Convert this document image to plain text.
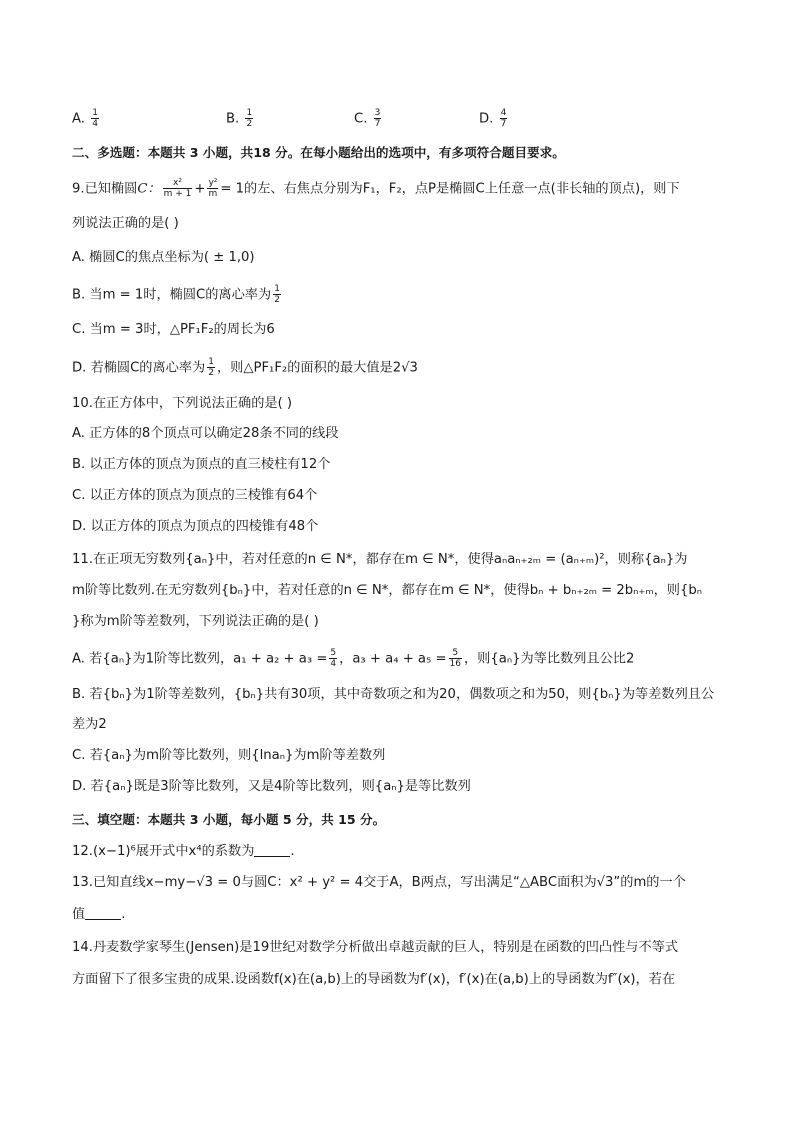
A. $\frac{1}{4}$	B. $\frac{1}{2}$	C. $\frac{3}{7}$	D. $\frac{4}{7}$
二、多选题：本题共 3 小题，共18 分。在每小题给出的选项中，有多项符合题目要求。
9.已知椭圆C： $\frac{\text{x²}}{m + 1} + \frac{\text{y²}}{m} = 1$的左、右焦点分别为F₁，F₂，点P是椭圆C上任意一点(非长轴的顶点)，则下
列说法正确的是( )
A. 椭圆C的焦点坐标为( ± 1,0)
B. 当m = 1时，椭圆C的离心率为 $\frac{1}{2}$
C. 当m = 3时，△PF₁F₂的周长为6
D. 若椭圆C的离心率为 $\frac{1}{2}$ ，则△PF₁F₂的面积的最大值是2√3
10.在正方体中，下列说法正确的是( )
A. 正方体的8个顶点可以确定28条不同的线段
B. 以正方体的顶点为顶点的直三棱柱有12个
C. 以正方体的顶点为顶点的三棱锥有64个
D. 以正方体的顶点为顶点的四棱锥有48个
11.在正项无穷数列{aₙ}中，若对任意的n ∈ N*，都存在m ∈ N*，使得aₙaₙ₊₂ₘ = (aₙ₊ₘ)²，则称{aₙ}为
m阶等比数列.在无穷数列{bₙ}中，若对任意的n ∈ N*，都存在m ∈ N*，使得bₙ + bₙ₊₂ₘ = 2bₙ₊ₘ，则{bₙ
}称为m阶等差数列，下列说法正确的是( )
A. 若{aₙ}为1阶等比数列，$a_1 + a_2 + a_3 = \frac{5}{4}$ ，$a_3 + a_4 + a_5 = \frac{5}{16}$ ，则{aₙ}为等比数列且公比2
B. 若{bₙ}为1阶等差数列，{bₙ}共有30项，其中奇数项之和为20，偶数项之和为50，则{bₙ}为等差数列且公
差为2
C. 若{aₙ}为m阶等比数列，则{lnaₙ}为m阶等差数列
D. 若{aₙ}既是3阶等比数列，又是4阶等比数列，则{aₙ}是等比数列
三、填空题：本题共 3 小题，每小题 5 分，共 15 分。
12.(x−1)⁶展开式中x⁴的系数为	.
13.已知直线x−my−√3 = 0与圆C：x² + y² = 4交于A，B两点，写出满足“△ABC面积为√3”的m的一个
值	.
14.丹麦数学家琴生(Jensen)是19世纪对数学分析做出卓越贡献的巨人，特别是在函数的凹凸性与不等式
方面留下了很多宝贵的成果.设函数f(x)在(a,b)上的导函数为f′(x)，f′(x)在(a,b)上的导函数为f″(x)，若在
